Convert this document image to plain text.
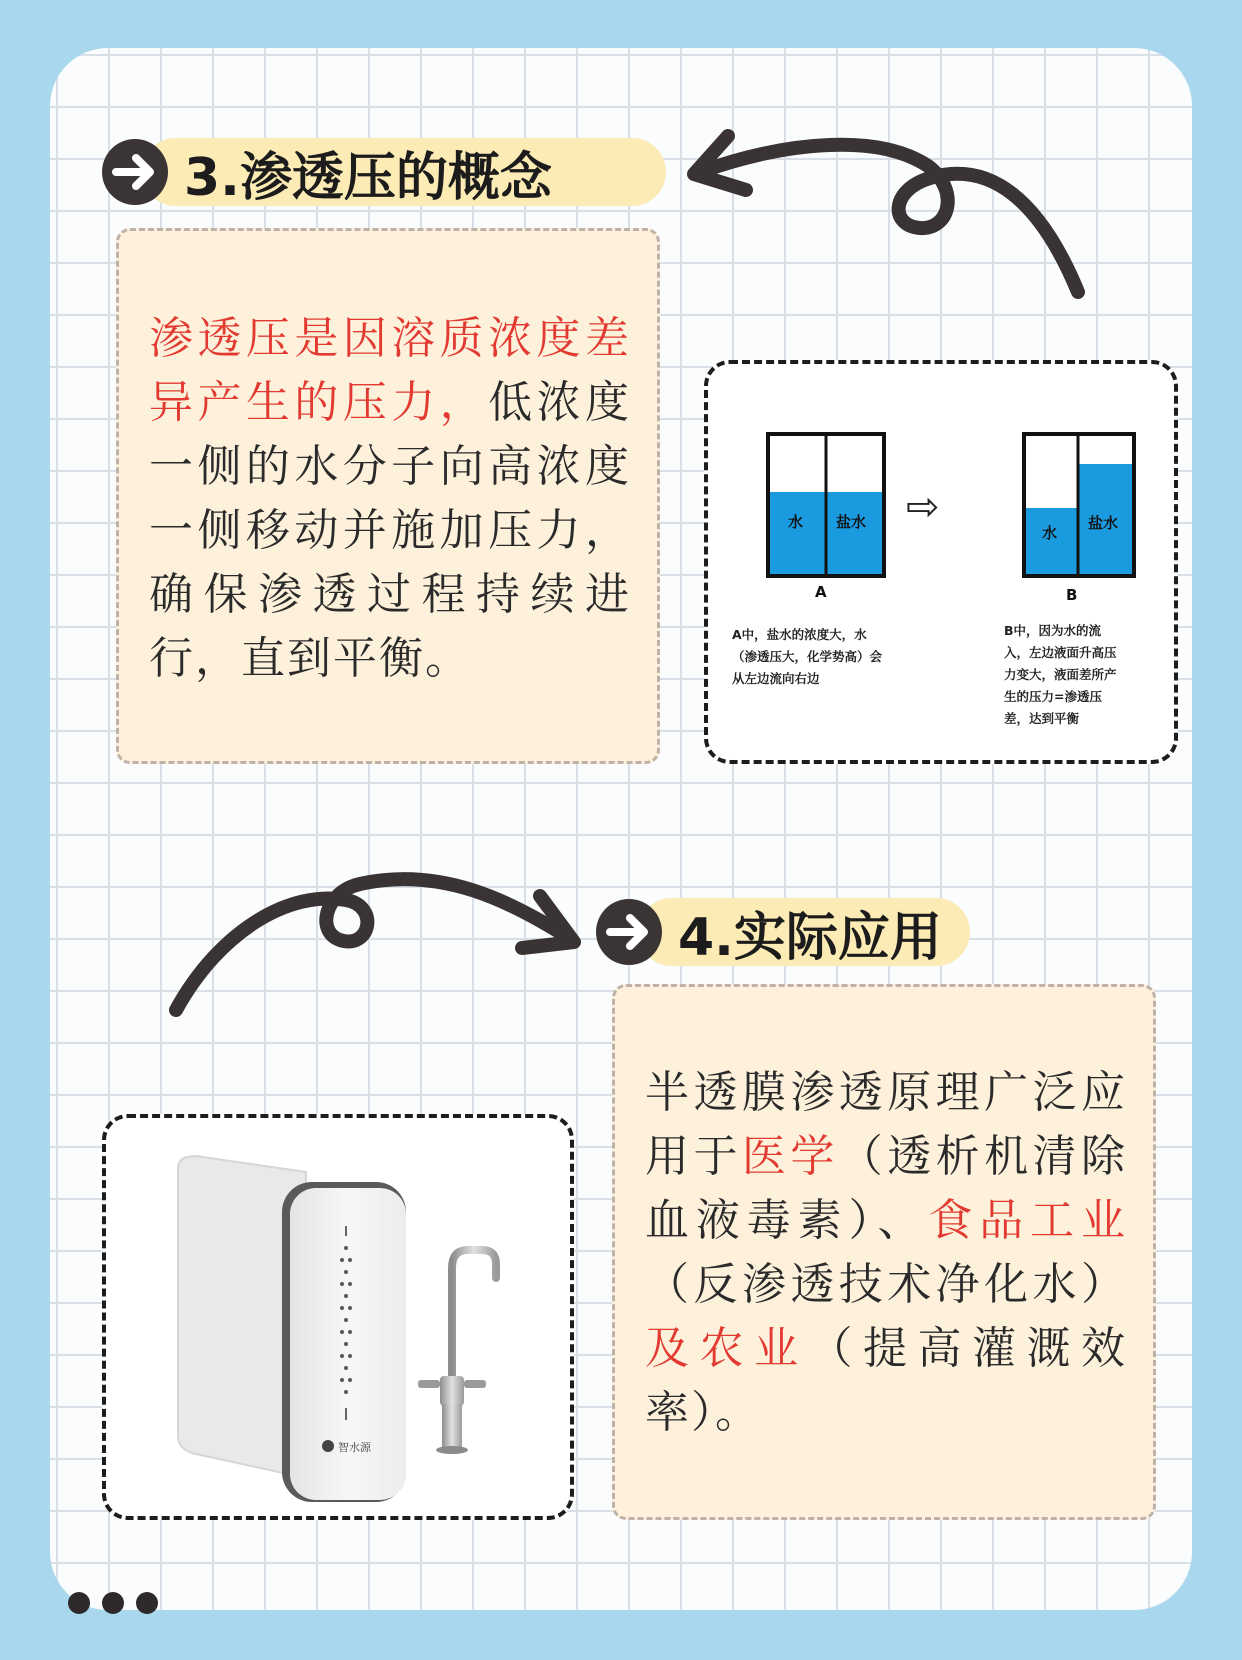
3.渗透压的概念

渗透压是因溶质浓度差异产生的压力，低浓度一侧的水分子向高浓度一侧移动并施加压力，确保渗透过程持续进行，直到平衡。

水 盐水
A
⇨
水
盐水
B
A中，盐水的浓度大，水
（渗透压大，化学势高）会
从左边流向右边
B中，因为水的流
入，左边液面升高压
力变大，液面差所产
生的压力=渗透压
差，达到平衡
4.实际应用
智水源

半透膜渗透原理广泛应用于医学（透析机清除血液毒素）、食品工业（反渗透技术净化水）及农业（提高灌溉效率）。
